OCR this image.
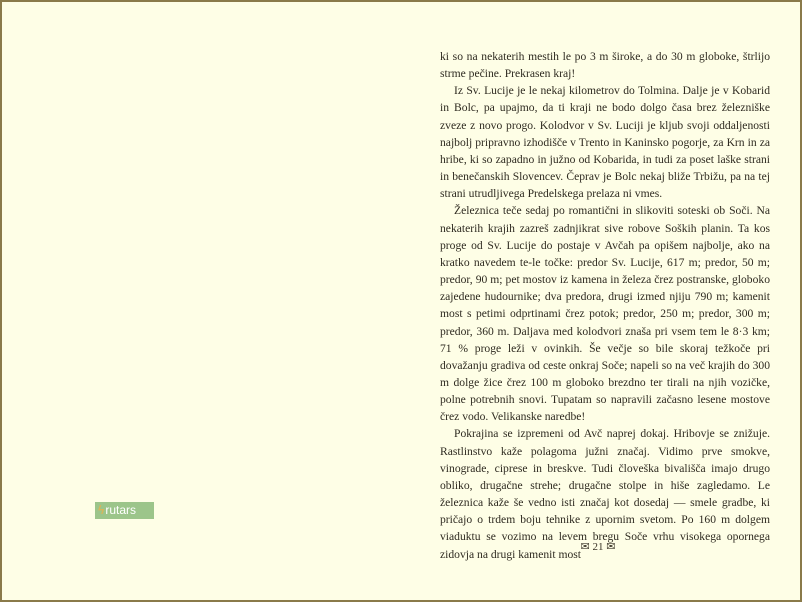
ki so na nekaterih mestih le po 3 m široke, a do 30 m globoke, štrlijo strme pečine. Prekrasen kraj!

Iz Sv. Lucije je le nekaj kilometrov do Tolmina. Dalje je v Kobarid in Bolc, pa upajmo, da ti kraji ne bodo dolgo časa brez železniške zveze z novo progo. Kolodvor v Sv. Luciji je kljub svoji oddaljenosti najbolj pripravno izhodišče v Trento in Kaninsko pogorje, za Krn in za hribe, ki so zapadno in južno od Kobarida, in tudi za poset laške strani in benečanskih Slovencev. Čeprav je Bolc nekaj bliže Trbižu, pa na tej strani utrudljivega Predelskega prelaza ni vmes.

Železnica teče sedaj po romantični in slikoviti soteski ob Soči. Na nekaterih krajih zazreš zadnjikrat sive robove Soških planin. Ta kos proge od Sv. Lucije do postaje v Avčah pa opišem najbolje, ako na kratko navedem te-le točke: predor Sv. Lucije, 617 m; predor, 50 m; predor, 90 m; pet mostov iz kamena in železa črez postranske, globoko zajedene hudournike; dva predora, drugi izmed njiju 790 m; kamenit most s petimi odprtinami črez potok; predor, 250 m; predor, 300 m; predor, 360 m. Daljava med kolodvori znaša pri vsem tem le 8·3 km; 71 % proge leži v ovinkih. Še večje so bile skoraj težkoče pri dovažanju gradiva od ceste onkraj Soče; napeli so na več krajih do 300 m dolge žice črez 100 m globoko brezdno ter tirali na njih vozičke, polne potrebnih snovi. Tupatam so napravili začasno lesene mostove črez vodo. Velikanske naredbe!

Pokrajina se izpremeni od Avč naprej dokaj. Hribovje se znižuje. Rastlinstvo kaže polagoma južni značaj. Vidimo prve smokve, vinograde, ciprese in breskve. Tudi človeška bivališča imajo drugo obliko, drugačne strehe; drugačne stolpe in hiše zagledamo. Le železnica kaže še vedno isti značaj kot dosedaj — smele gradbe, ki pričajo o trdem boju tehnike z upornim svetom. Po 160 m dolgem viaduktu se vozimo na levem bregu Soče vrhu visokega opornega zidovja na drugi kamenit most

✉ 21 ✉
ϟrutars
